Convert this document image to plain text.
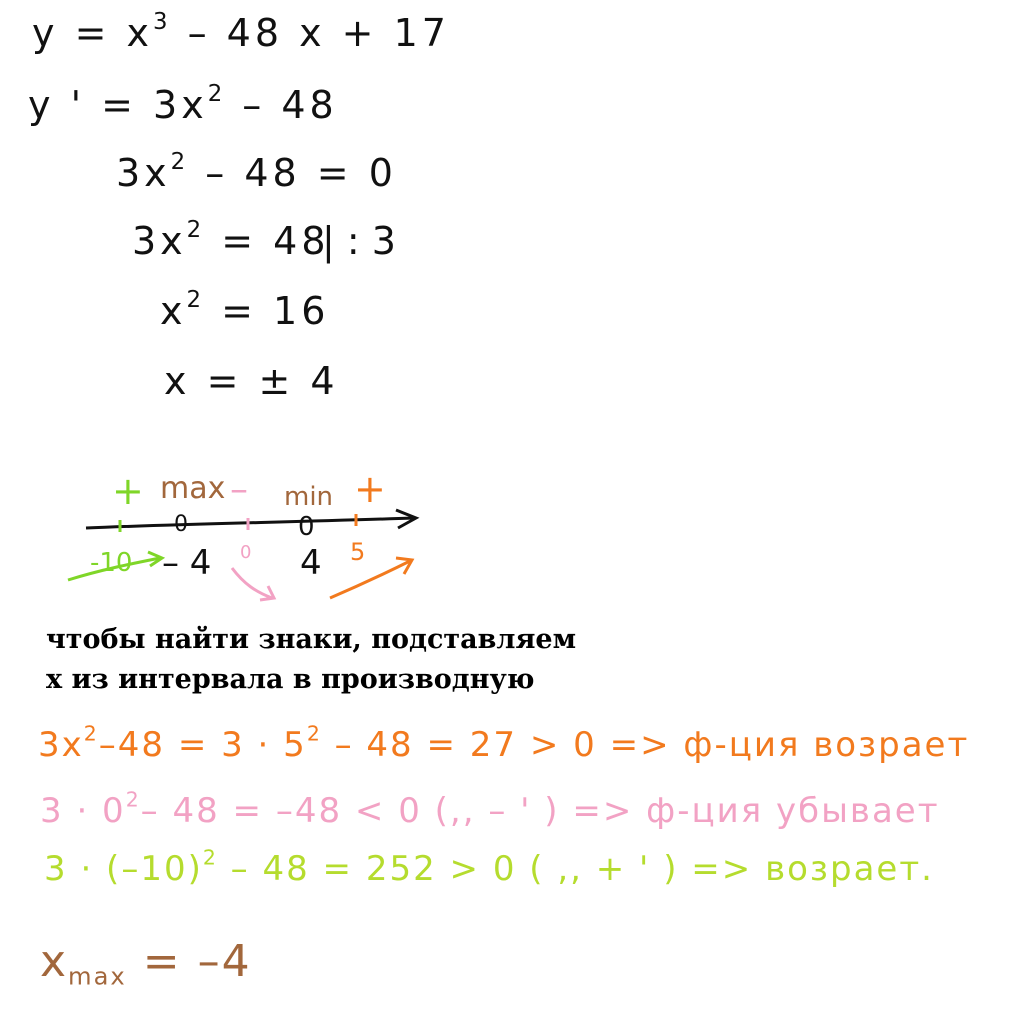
$y = x^3 - 48$ x + 17
y ' = $3x^2 - 48$
$3x^2 - 48 = 0$
$3x^2 = 48$
| : 3
$x^2 = 16$
x = ± 4
+ max – min +
0	0
-10 – 4 0 4 5
чтобы найти знаки, подставляем
х из интервала в производную
$3x^2-48 = 3 \cdot 5^2 - 48 = 27 > 0 => ф-ция$ возрает
$3 \cdot 0^2-$ 48 = –48 < 0 (,, – ' ) => ф-ция убывает
$3 \cdot (-10)^2 - 48 = 252 > 0$ ( ,, + ' ) => возрает.
xmax = –4
